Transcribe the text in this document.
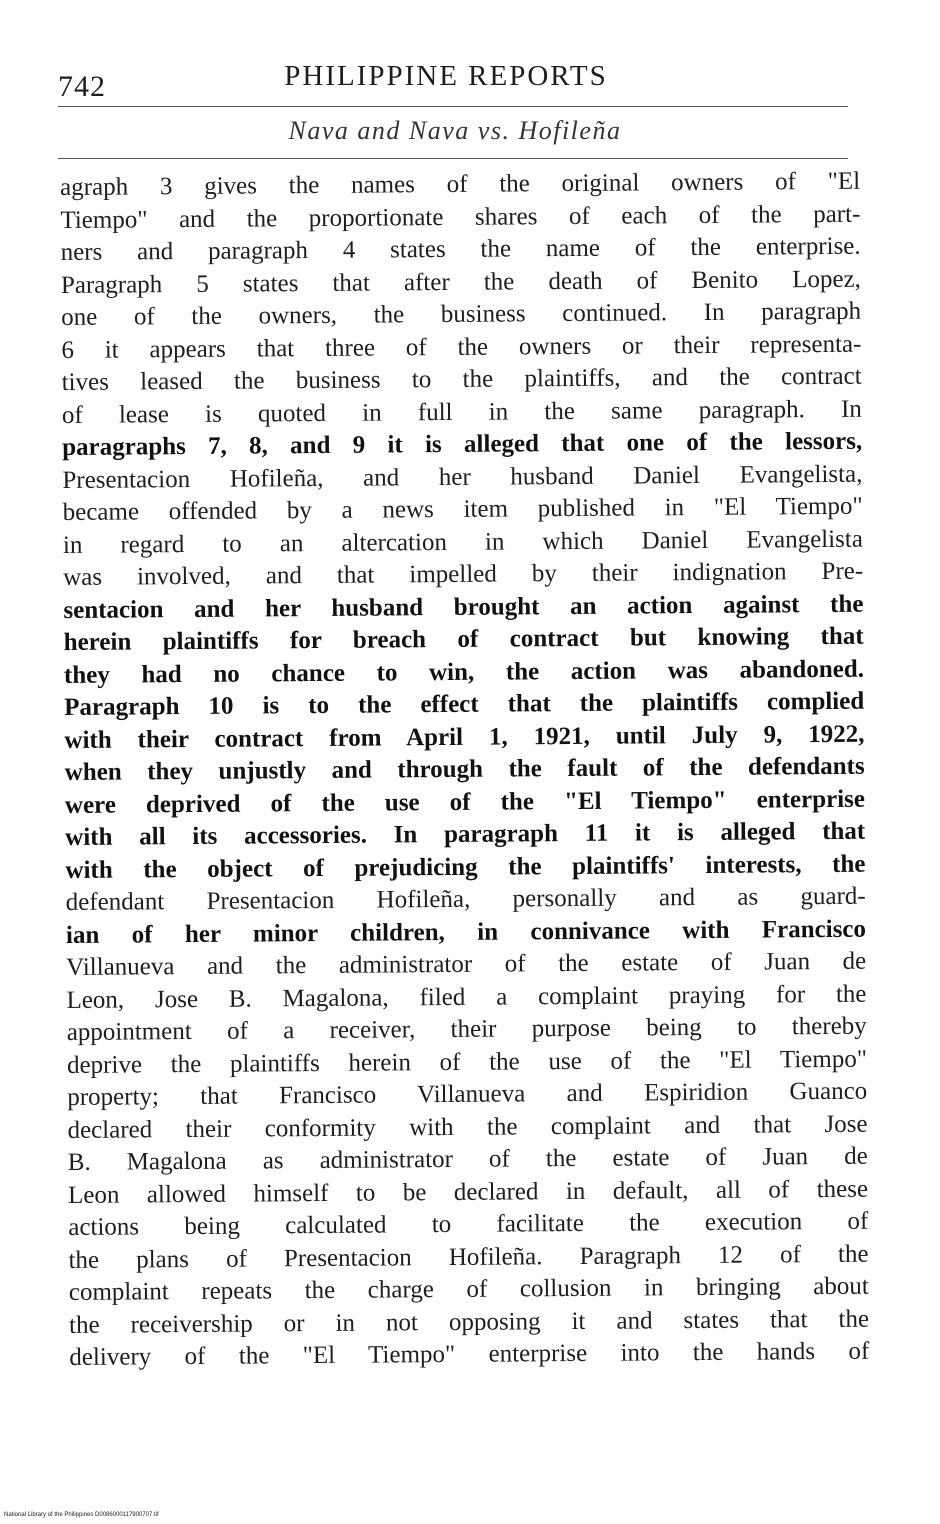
742	PHILIPPINE REPORTS
Nava and Nava vs. Hofileña
agraph 3 gives the names of the original owners of "El
Tiempo" and the proportionate shares of each of the part-
ners and paragraph 4 states the name of the enterprise.
Paragraph 5 states that after the death of Benito Lopez,
one of the owners, the business continued. In paragraph
6 it appears that three of the owners or their representa-
tives leased the business to the plaintiffs, and the contract
of lease is quoted in full in the same paragraph. In
paragraphs 7, 8, and 9 it is alleged that one of the lessors,
Presentacion Hofileña, and her husband Daniel Evangelista,
became offended by a news item published in "El Tiempo"
in regard to an altercation in which Daniel Evangelista
was involved, and that impelled by their indignation Pre-
sentacion and her husband brought an action against the
herein plaintiffs for breach of contract but knowing that
they had no chance to win, the action was abandoned.
Paragraph 10 is to the effect that the plaintiffs complied
with their contract from April 1, 1921, until July 9, 1922,
when they unjustly and through the fault of the defendants
were deprived of the use of the "El Tiempo" enterprise
with all its accessories. In paragraph 11 it is alleged that
with the object of prejudicing the plaintiffs' interests, the
defendant Presentacion Hofileña, personally and as guard-
ian of her minor children, in connivance with Francisco
Villanueva and the administrator of the estate of Juan de
Leon, Jose B. Magalona, filed a complaint praying for the
appointment of a receiver, their purpose being to thereby
deprive the plaintiffs herein of the use of the "El Tiempo"
property; that Francisco Villanueva and Espiridion Guanco
declared their conformity with the complaint and that Jose
B. Magalona as administrator of the estate of Juan de
Leon allowed himself to be declared in default, all of these
actions being calculated to facilitate the execution of
the plans of Presentacion Hofileña. Paragraph 12 of the
complaint repeats the charge of collusion in bringing about
the receivership or in not opposing it and states that the
delivery of the "El Tiempo" enterprise into the hands of
National Library of the Philippines D0086000117900707.tif
